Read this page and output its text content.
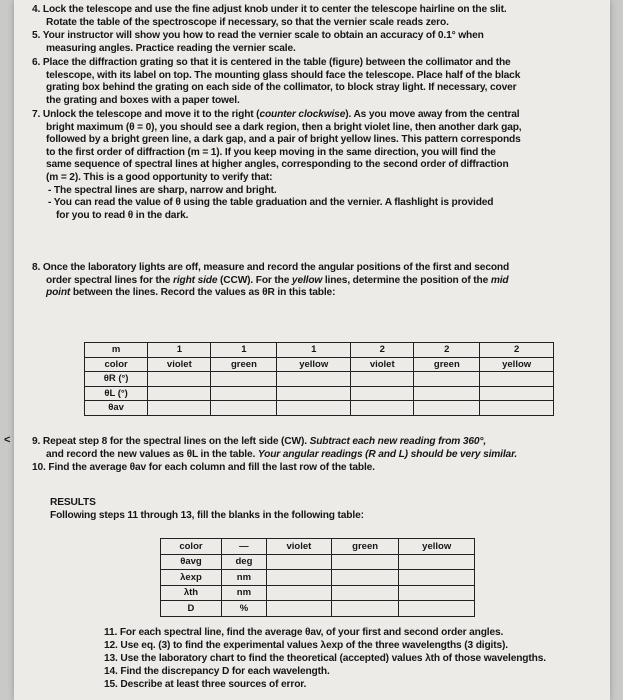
4. Lock the telescope and use the fine adjust knob under it to center the telescope hairline on the slit.
Rotate the table of the spectroscope if necessary, so that the vernier scale reads zero.
5. Your instructor will show you how to read the vernier scale to obtain an accuracy of 0.1° when
measuring angles. Practice reading the vernier scale.
6. Place the diffraction grating so that it is centered in the table (figure) between the collimator and the
telescope, with its label on top. The mounting glass should face the telescope. Place half of the black
grating box behind the grating on each side of the collimator, to block stray light. If necessary, cover
the grating and boxes with a paper towel.
7. Unlock the telescope and move it to the right (counter clockwise). As you move away from the central
bright maximum (θ = 0), you should see a dark region, then a bright violet line, then another dark gap,
followed by a bright green line, a dark gap, and a pair of bright yellow lines. This pattern corresponds
to the first order of diffraction (m = 1). If you keep moving in the same direction, you will find the
same sequence of spectral lines at higher angles, corresponding to the second order of diffraction
(m = 2). This is a good opportunity to verify that:
- The spectral lines are sharp, narrow and bright.
- You can read the value of θ using the table graduation and the vernier. A flashlight is provided
for you to read θ in the dark.
8. Once the laboratory lights are off, measure and record the angular positions of the first and second
order spectral lines for the right side (CCW). For the yellow lines, determine the position of the mid
point between the lines. Record the values as θR in this table:
m	1	1	1	2	2	2
color	violet	green	yellow	violet	green	yellow
θR (°)						
θL (°)						
θav						
9. Repeat step 8 for the spectral lines on the left side (CW). Subtract each new reading from 360°,
and record the new values as θL in the table. Your angular readings (R and L) should be very similar.
10. Find the average θav for each column and fill the last row of the table.
RESULTS
Following steps 11 through 13, fill the blanks in the following table:
color	—	violet	green	yellow
θavg	deg			
λexp	nm			
λth	nm			
D	%			
11. For each spectral line, find the average θav, of your first and second order angles.
12. Use eq. (3) to find the experimental values λexp of the three wavelengths (3 digits).
13. Use the laboratory chart to find the theoretical (accepted) values λth of those wavelengths.
14. Find the discrepancy D for each wavelength.
15. Describe at least three sources of error.
<
